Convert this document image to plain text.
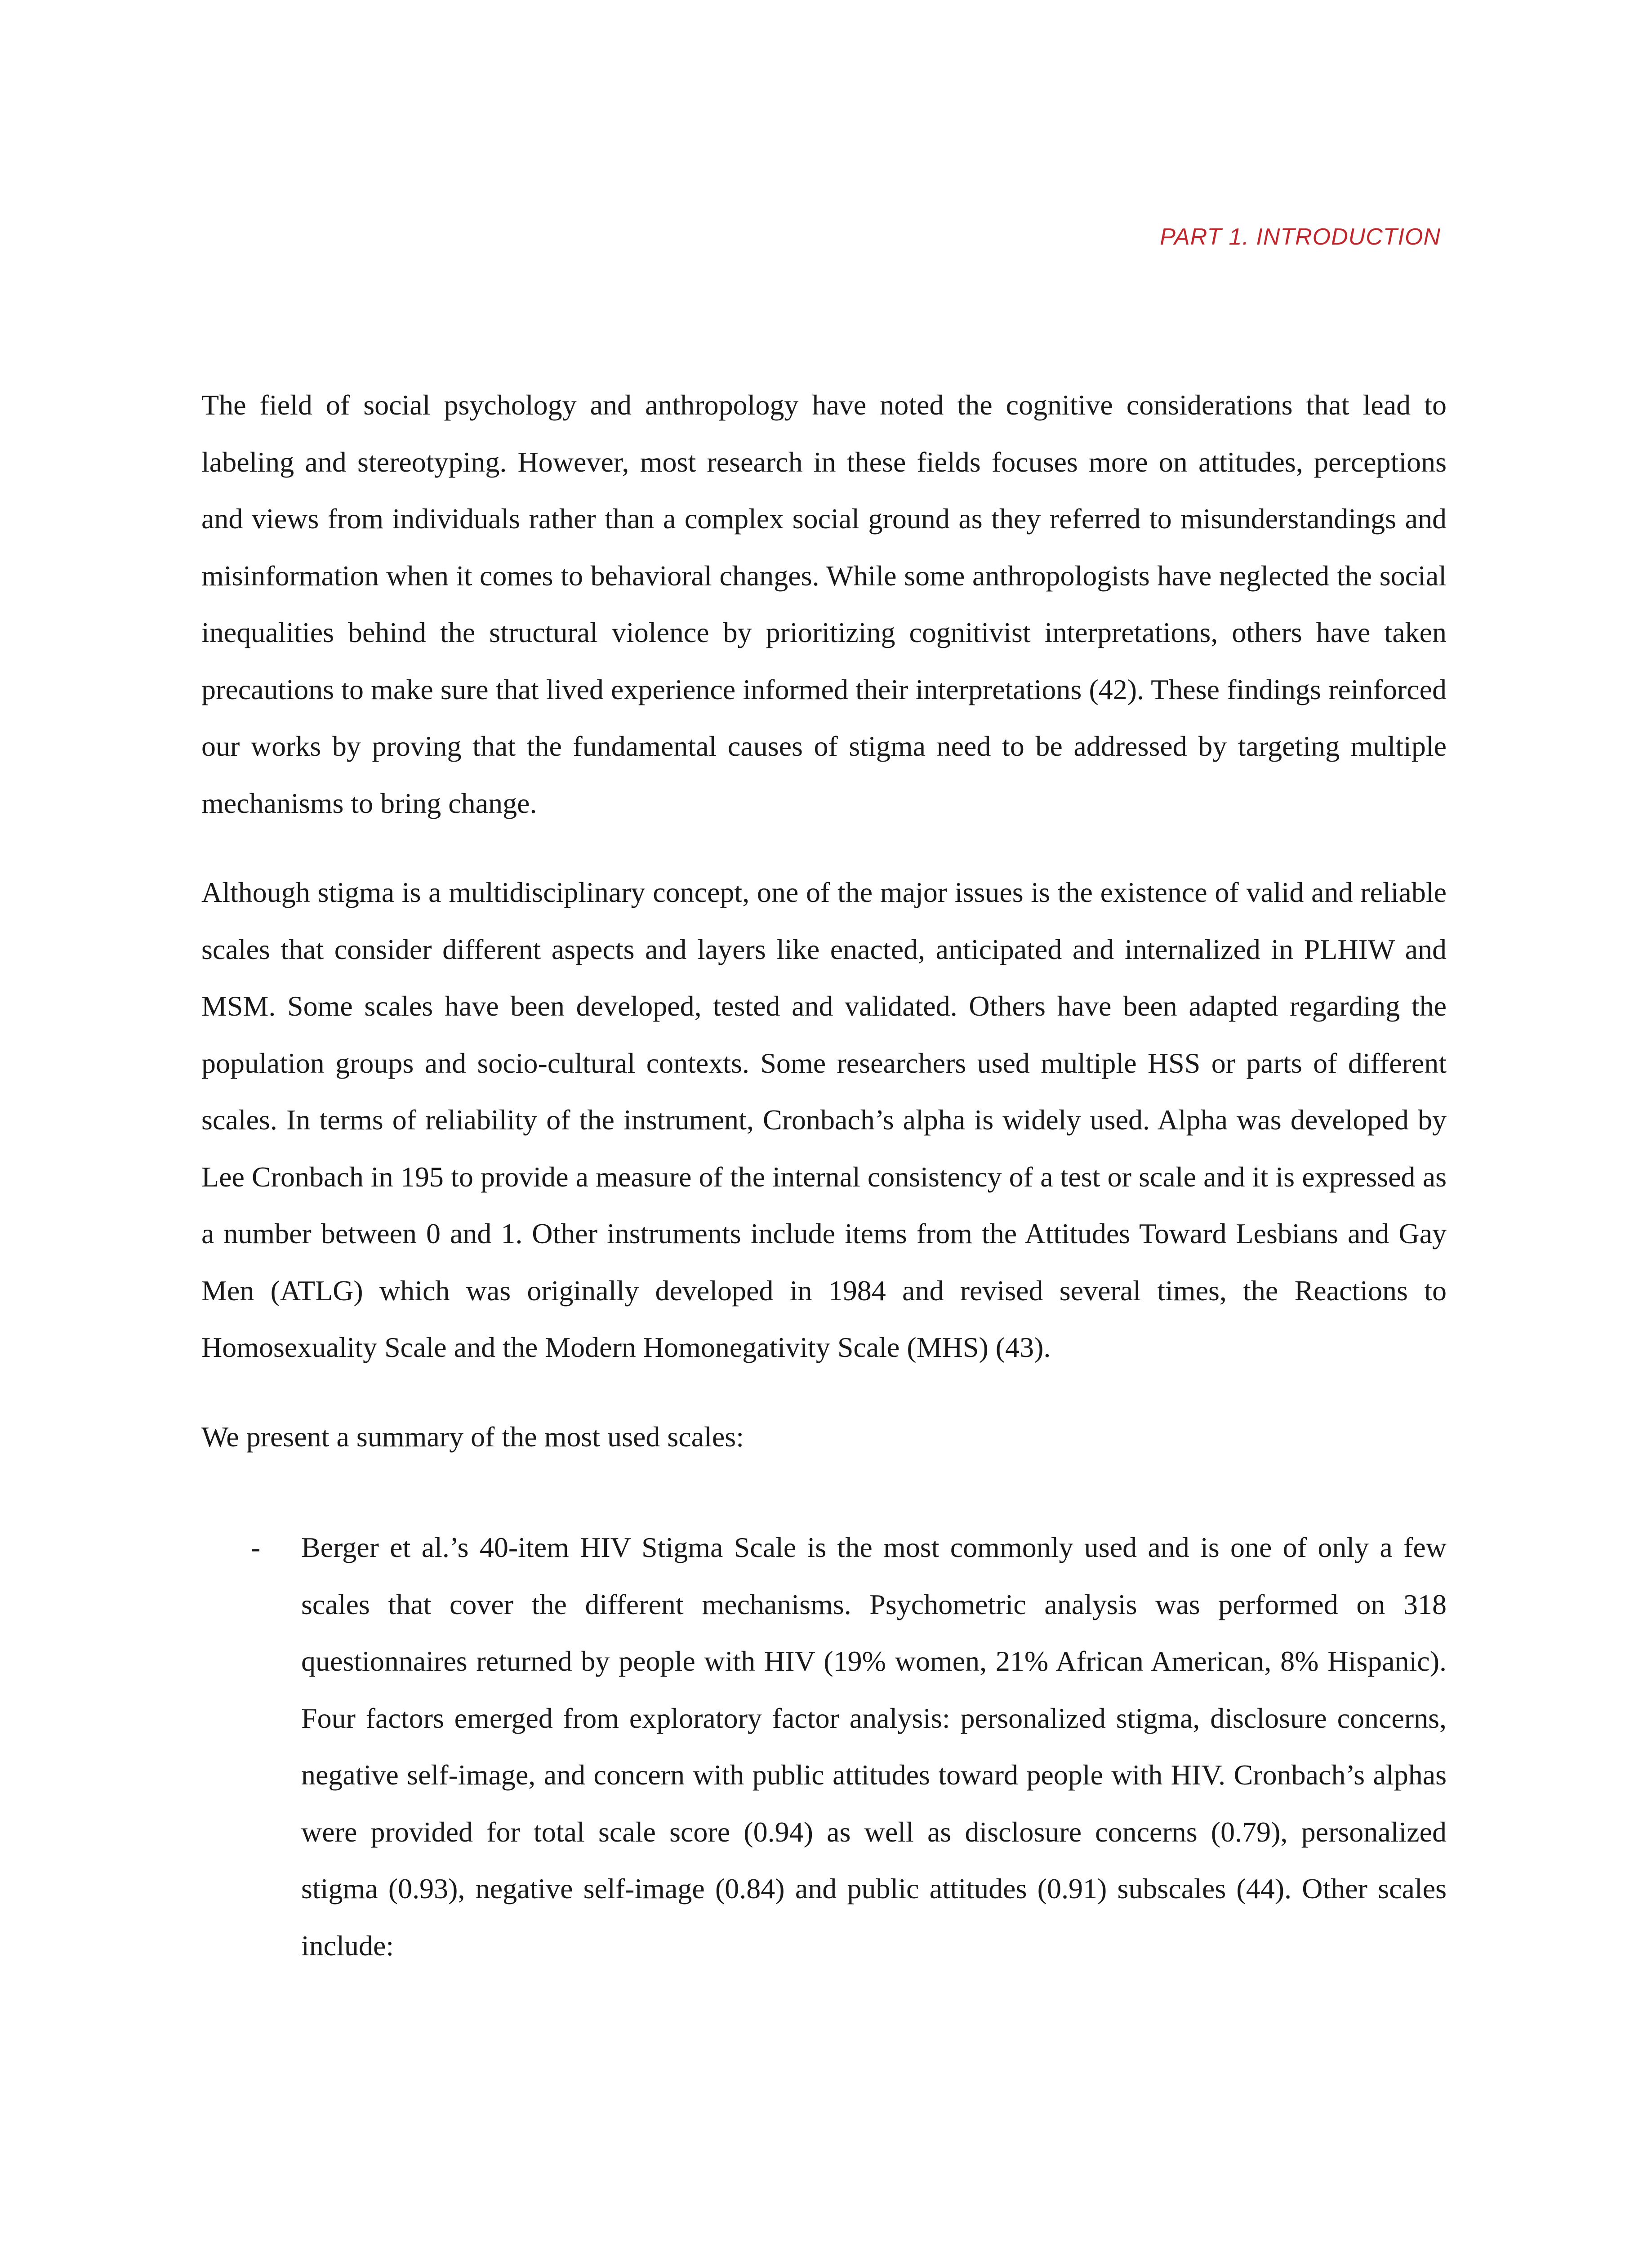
PART 1. INTRODUCTION

The field of social psychology and anthropology have noted the cognitive considerations that lead to labeling and stereotyping. However, most research in these fields focuses more on attitudes, perceptions and views from individuals rather than a complex social ground as they referred to misunderstandings and misinformation when it comes to behavioral changes. While some anthropologists have neglected the social inequalities behind the structural violence by prioritizing cognitivist interpretations, others have taken precautions to make sure that lived experience informed their interpretations (42). These findings reinforced our works by proving that the fundamental causes of stigma need to be addressed by targeting multiple mechanisms to bring change.

Although stigma is a multidisciplinary concept, one of the major issues is the existence of valid and reliable scales that consider different aspects and layers like enacted, anticipated and internalized in PLHIW and MSM. Some scales have been developed, tested and validated. Others have been adapted regarding the population groups and socio-cultural contexts. Some researchers used multiple HSS or parts of different scales. In terms of reliability of the instrument, Cronbach’s alpha is widely used. Alpha was developed by Lee Cronbach in 195 to provide a measure of the internal consistency of a test or scale and it is expressed as a number between 0 and 1. Other instruments include items from the Attitudes Toward Lesbians and Gay Men (ATLG) which was originally developed in 1984 and revised several times, the Reactions to Homosexuality Scale and the Modern Homonegativity Scale (MHS) (43).

We present a summary of the most used scales:

- Berger et al.’s 40-item HIV Stigma Scale is the most commonly used and is one of only a few scales that cover the different mechanisms. Psychometric analysis was performed on 318 questionnaires returned by people with HIV (19% women, 21% African American, 8% Hispanic). Four factors emerged from exploratory factor analysis: personalized stigma, disclosure concerns, negative self-image, and concern with public attitudes toward people with HIV. Cronbach’s alphas were provided for total scale score (0.94) as well as disclosure concerns (0.79), personalized stigma (0.93), negative self-image (0.84) and public attitudes (0.91) subscales (44). Other scales include:
